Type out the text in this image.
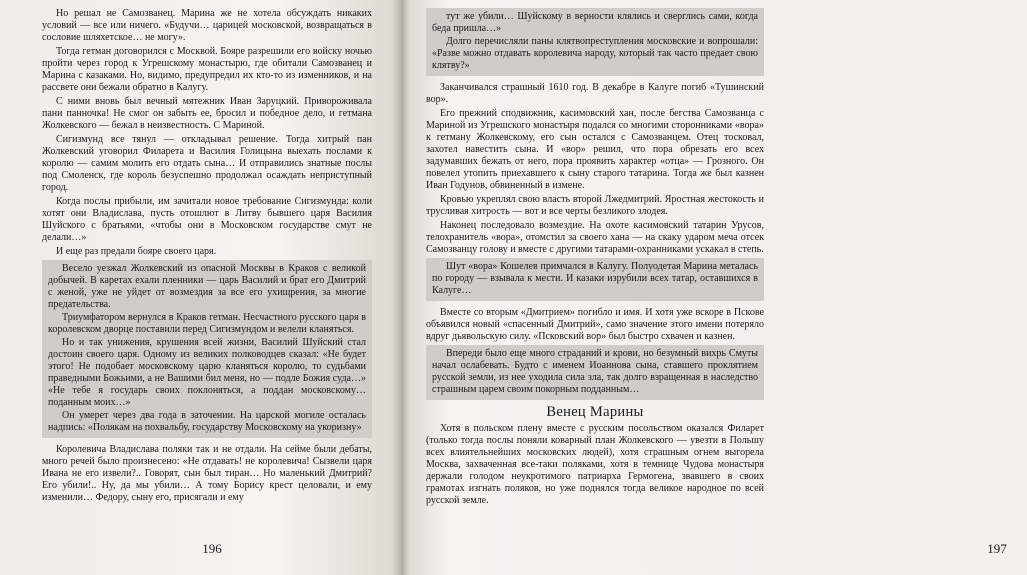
Но решал не Самозванец. Марина же не хотела обсуждать никаких условий — все или ничего. «Будучи… царицей московской, возвращаться в сословие шляхетское… не могу».

Тогда гетман договорился с Москвой. Бояре разрешили его войску ночью пройти через город к Угрешскому монастырю, где обитали Самозванец и Марина с казаками. Но, видимо, предупредил их кто-то из изменников, и на рассвете они бежали обратно в Калугу.

С ними вновь был вечный мятежник Иван Заруцкий. Привороживала пани панночка! Не смог он забыть ее, бросил и победное дело, и гетмана Жолкевского — бежал в неизвестность. С Мариной.

Сигизмунд все тянул — откладывал решение. Тогда хитрый пан Жолкевский уговорил Филарета и Василия Голицына выехать послами к королю — самим молить его отдать сына… И отправились знатные послы под Смоленск, где король безуспешно продолжал осаждать неприступный город.

Когда послы прибыли, им зачитали новое требование Сигизмунда: коли хотят они Владислава, пусть отошлют в Литву бывшего царя Василия Шуйского с братьями, «чтобы они в Московском государстве смут не делали…»

И еще раз предали бояре своего царя.

Весело уезжал Жолкевский из опасной Москвы в Краков с великой добычей. В каретах ехали пленники — царь Василий и брат его Дмитрий с женой, уже не уйдет от возмездия за все его ухищрения, за многие предательства.

Триумфатором вернулся в Краков гетман. Несчастного русского царя в королевском дворце поставили перед Сигизмундом и велели кланяться.

Но и так унижения, крушения всей жизни, Василий Шуйский стал достоин своего царя. Одному из великих полководцев сказал: «Не будет этого! Не подобает московскому царю кланяться королю, то судьбами праведными Божьими, а не Вашими бил меня, но — подле Божия суда…» «Не тебе я государь своих поклоняться, а поддан московскому… поданным моих…»

Он умерет через два года в заточении. На царской могиле осталась надпись: «Полякам на похвальбу, государству Московскому на укоризну»

Королевича Владислава поляки так и не отдали. На сейме были дебаты, много речей было произнесено: «Не отдавать! не королевича! Сызвели царя Ивана не его извели?.. Говорят, сын был тиран… Но маленький Дмитрий? Его убили!.. Ну, да мы убили… А тому Борису крест целовали, и ему изменили… Федору, сыну его, присягали и ему

196	197

тут же убили… Шуйскому в верности клялись и сверглись сами, когда беда пришла…»

Долго перечисляли паны клятвопреступления московские и вопрошали: «Разве можно отдавать королевича народу, который так часто предает свою клятву?»

Заканчивался страшный 1610 год. В декабре в Калуге погиб «Тушинский вор».

Его прежний сподвижник, касимовский хан, после бегства Самозванца с Мариной из Угрешского монастыря подался со многими сторонниками «вора» к гетману Жолкевскому, его сын остался с Самозванцем. Отец тосковал, захотел навестить сына. И «вор» решил, что пора обрезать его всех задумавших бежать от него, пора проявить характер «отца» — Грозного. Он повелел утопить приехавшего к сыну старого татарина. Тогда же был казнен Иван Годунов, обвиненный в измене.

Кровью укреплял свою власть второй Лжедмитрий. Яростная жестокость и трусливая хитрость — вот и все черты безликого злодея.

Наконец последовало возмездие. На охоте касимовский татарин Урусов, телохранитель «вора», отомстил за своего хана — на скаку ударом меча отсек Самозванцу голову и вместе с другими татарами-охранниками ускакал в степь.

Шут «вора» Кошелев примчался в Калугу. Полуодетая Марина металась по городу — взывала к мести. И казаки изрубили всех татар, оставшихся в Калуге…

Вместе со вторым «Дмитрием» погибло и имя. И хотя уже вскоре в Пскове объявился новый «спасенный Дмитрий», само значение этого имени потеряло вдруг дьявольскую силу. «Псковский вор» был быстро схвачен и казнен.

Впереди было еще много страданий и крови, но безумный вихрь Смуты начал ослабевать. Будто с именем Иоаннова сына, ставшего проклятием русской земли, из нее уходила сила зла, так долго взращенная в наследство страшным царем своим покорным подданным…

Венец Марины

Хотя в польском плену вместе с русским посольством оказался Филарет (только тогда послы поняли коварный план Жолкевского — увезти в Польшу всех влиятельнейших московских людей), хотя страшным огнем выгорела Москва, захваченная все-таки поляками, хотя в темнице Чудова монастыря держали голодом неукротимого патриарха Гермогена, звавшего в своих грамотах изгнать поляков, но уже поднялся тогда великое народное по всей русской земле.
